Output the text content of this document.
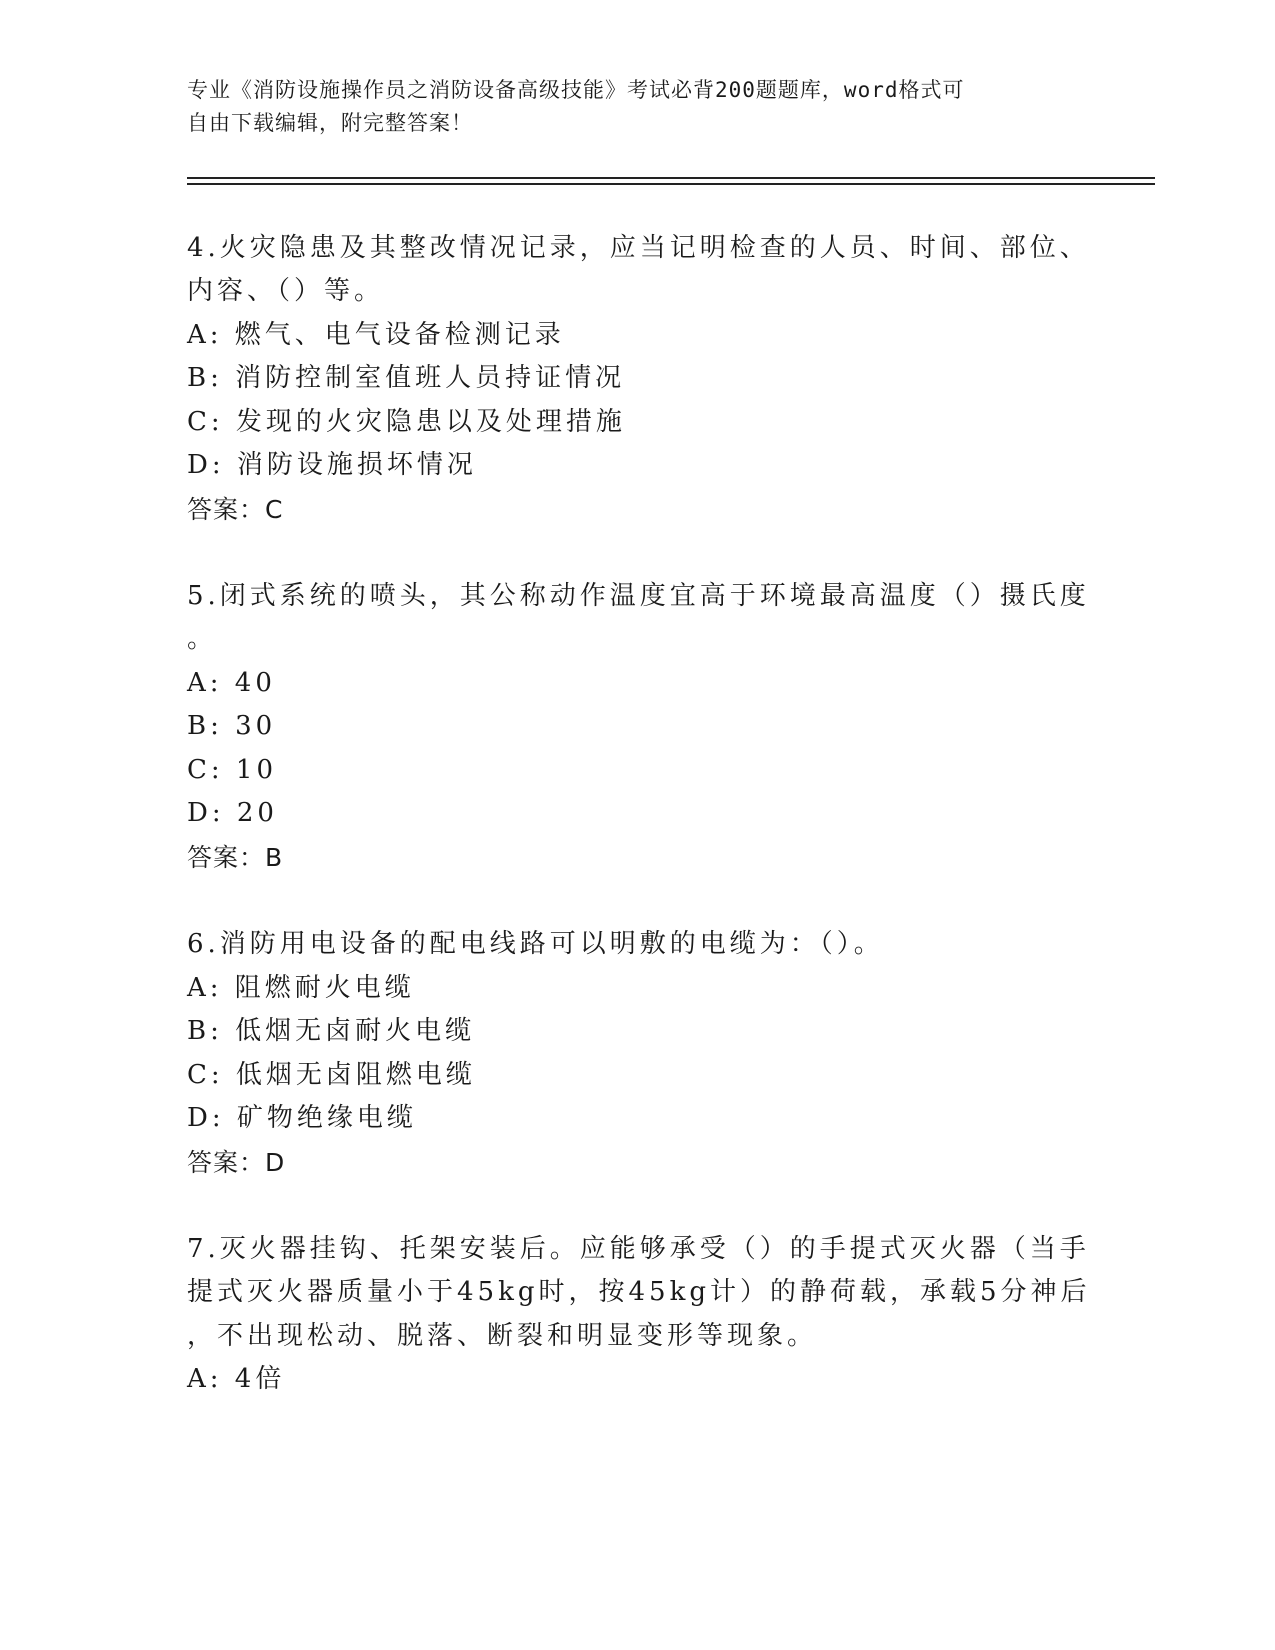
专业《消防设施操作员之消防设备高级技能》考试必背200题题库，word格式可
自由下载编辑，附完整答案！
4.火灾隐患及其整改情况记录，应当记明检查的人员、时间、部位、
内容、（）等。
A: 燃气、电气设备检测记录
B: 消防控制室值班人员持证情况
C: 发现的火灾隐患以及处理措施
D: 消防设施损坏情况
答案：C
5.闭式系统的喷头，其公称动作温度宜高于环境最高温度（）摄氏度
。
A: 40
B: 30
C: 10
D: 20
答案：B
6.消防用电设备的配电线路可以明敷的电缆为：（）。
A: 阻燃耐火电缆
B: 低烟无卤耐火电缆
C: 低烟无卤阻燃电缆
D: 矿物绝缘电缆
答案：D
7.灭火器挂钩、托架安装后。应能够承受（）的手提式灭火器（当手
提式灭火器质量小于45kg时，按45kg计）的静荷载，承载5分神后
，不出现松动、脱落、断裂和明显变形等现象。
A: 4倍
